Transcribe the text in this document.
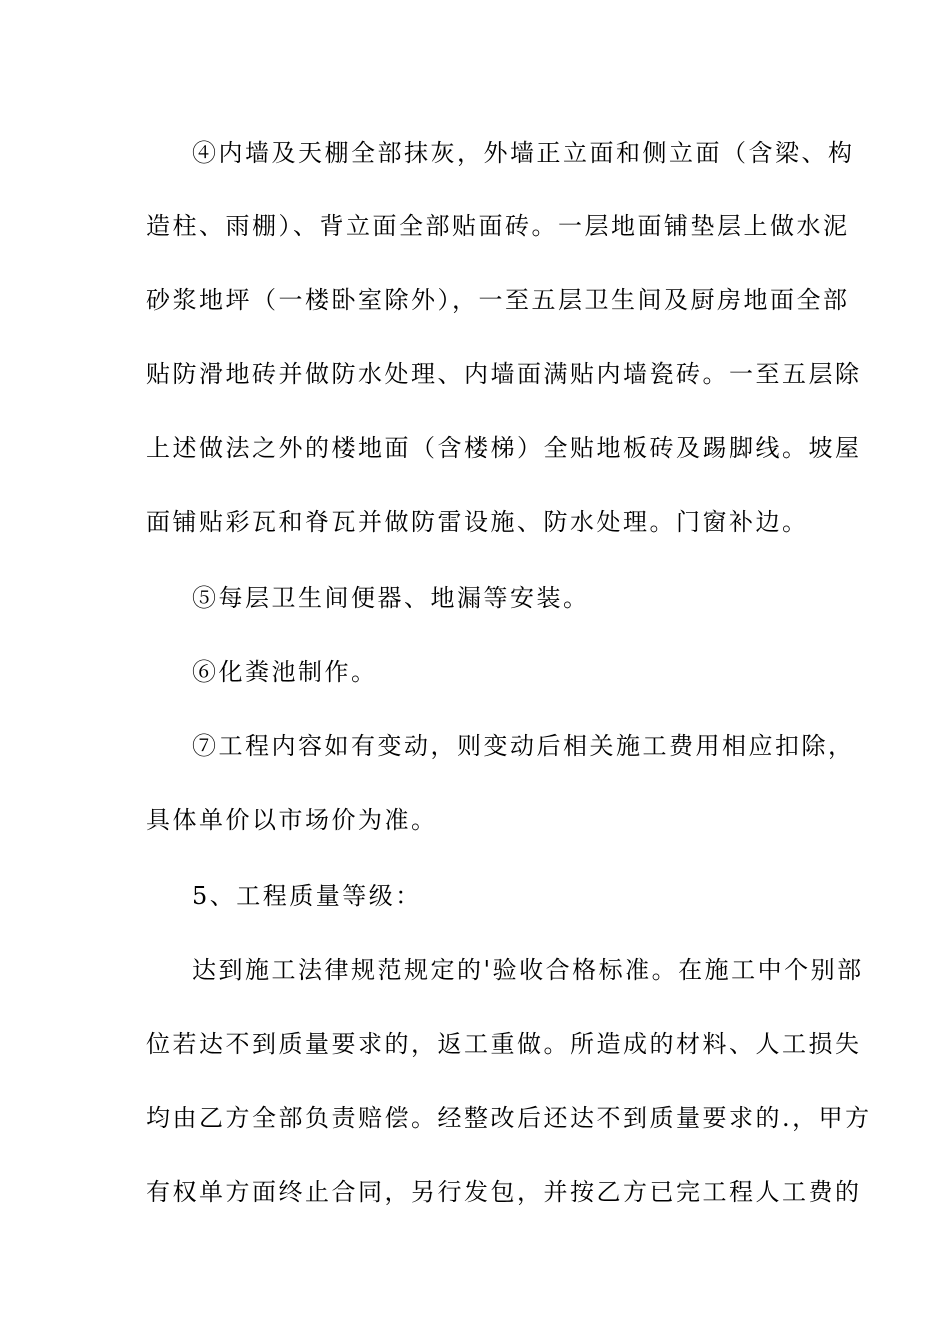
④内墙及天棚全部抹灰，外墙正立面和侧立面（含梁、构
造柱、雨棚）、背立面全部贴面砖。一层地面铺垫层上做水泥
砂浆地坪（一楼卧室除外），一至五层卫生间及厨房地面全部
贴防滑地砖并做防水处理、内墙面满贴内墙瓷砖。一至五层除
上述做法之外的楼地面（含楼梯）全贴地板砖及踢脚线。坡屋
面铺贴彩瓦和脊瓦并做防雷设施、防水处理。门窗补边。
⑤每层卫生间便器、地漏等安装。
⑥化粪池制作。
⑦工程内容如有变动，则变动后相关施工费用相应扣除，
具体单价以市场价为准。
5、工程质量等级：
达到施工法律规范规定的'验收合格标准。在施工中个别部
位若达不到质量要求的，返工重做。所造成的材料、人工损失
均由乙方全部负责赔偿。经整改后还达不到质量要求的.，甲方
有权单方面终止合同，另行发包，并按乙方已完工程人工费的
